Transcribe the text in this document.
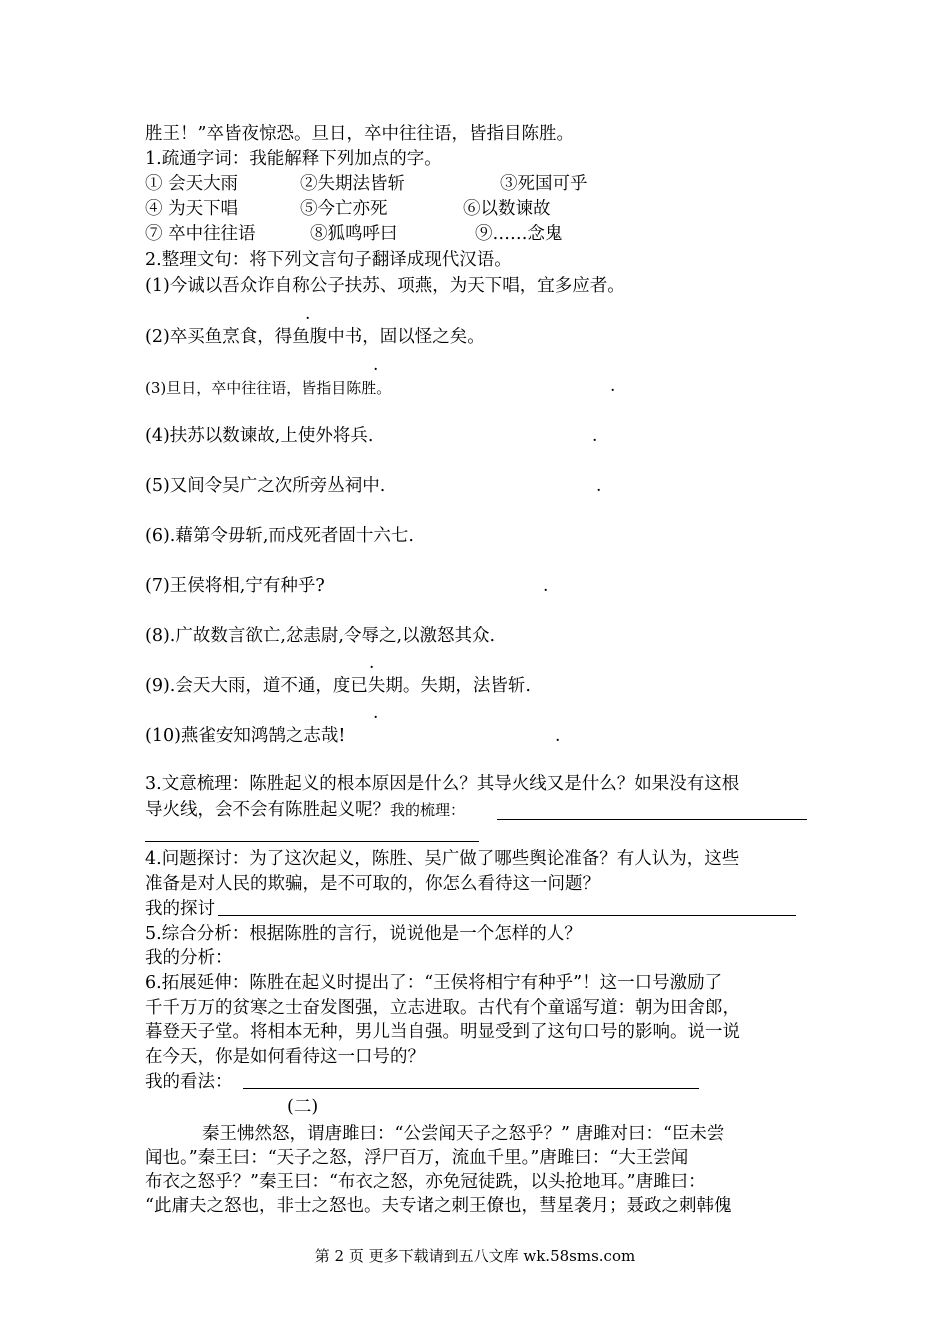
胜王！”卒皆夜惊恐。旦日，卒中往往语，皆指目陈胜。
1.疏通字词：我能解释下列加点的字。
① 会天大雨	②失期法皆斩	③死国可乎
④ 为天下唱	⑤今亡亦死	⑥以数谏故
⑦ 卒中往往语	⑧狐鸣呼曰	⑨……念鬼
2.整理文句：将下列文言句子翻译成现代汉语。
(1)今诚以吾众诈自称公子扶苏、项燕，为天下唱，宜多应者。
.
(2)卒买鱼烹食，得鱼腹中书，固以怪之矣。
.
(3)旦日，卒中往往语，皆指目陈胜。	.
(4)扶苏以数谏故,上使外将兵.	.
(5)又间令吴广之次所旁丛祠中.	.
(6).藉第令毋斩,而戍死者固十六七.
(7)王侯将相,宁有种乎?	.
(8).广故数言欲亡,忿恚尉,令辱之,以激怒其众.
.
(9).会天大雨，道不通，度已失期。失期，法皆斩.
.
(10)燕雀安知鸿鹄之志哉!	.
3.文意梳理：陈胜起义的根本原因是什么？其导火线又是什么？如果没有这根
导火线，会不会有陈胜起义呢？我的梳理：
4.问题探讨：为了这次起义，陈胜、吴广做了哪些舆论准备？有人认为，这些
准备是对人民的欺骗，是不可取的，你怎么看待这一问题？
我的探讨
5.综合分析：根据陈胜的言行，说说他是一个怎样的人？
我的分析：
6.拓展延伸：陈胜在起义时提出了：“王侯将相宁有种乎”！这一口号激励了
千千万万的贫寒之士奋发图强，立志进取。古代有个童谣写道：朝为田舍郎，
暮登天子堂。将相本无种，男儿当自强。明显受到了这句口号的影响。说一说
在今天，你是如何看待这一口号的？
我的看法：
(二)
秦王怫然怒，谓唐雎曰：“公尝闻天子之怒乎？” 唐雎对曰：“臣未尝
闻也。”秦王曰：“天子之怒，浮尸百万，流血千里。”唐雎曰：“大王尝闻
布衣之怒乎？”秦王曰：“布衣之怒，亦免冠徒跣，以头抢地耳。”唐雎曰：
“此庸夫之怒也，非士之怒也。夫专诸之刺王僚也，彗星袭月；聂政之刺韩傀
第 2 页 更多下载请到五八文库 wk.58sms.com
